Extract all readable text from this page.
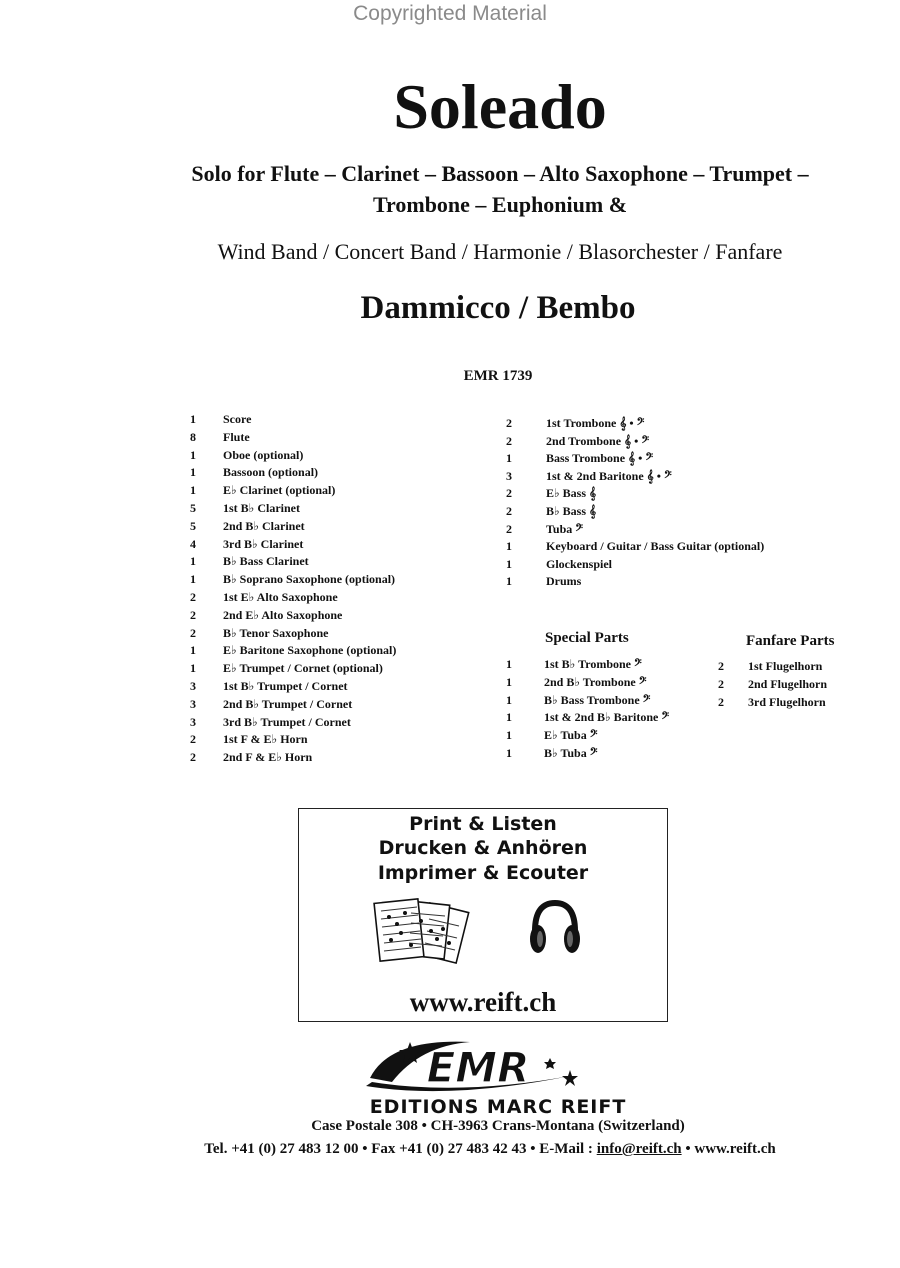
Copyrighted Material
Soleado
Solo for Flute – Clarinet – Bassoon – Alto Saxophone – Trumpet –
Trombone – Euphonium &
Wind Band / Concert Band / Harmonie / Blasorchester / Fanfare
Dammicco / Bembo
EMR 1739
1	Score
8	Flute
1	Oboe (optional)
1	Bassoon (optional)
1	E♭ Clarinet (optional)
5	1st B♭ Clarinet
5	2nd B♭ Clarinet
4	3rd B♭ Clarinet
1	B♭ Bass Clarinet
1	B♭ Soprano Saxophone (optional)
2	1st E♭ Alto Saxophone
2	2nd E♭ Alto Saxophone
2	B♭ Tenor Saxophone
1	E♭ Baritone Saxophone (optional)
1	E♭ Trumpet / Cornet (optional)
3	1st B♭ Trumpet / Cornet
3	2nd B♭ Trumpet / Cornet
3	3rd B♭ Trumpet / Cornet
2	1st F & E♭ Horn
2	2nd F & E♭ Horn
2	1st Trombone 𝄞 • 𝄢
2	2nd Trombone 𝄞 • 𝄢
1	Bass Trombone 𝄞 • 𝄢
3	1st & 2nd Baritone 𝄞 • 𝄢
2	E♭ Bass 𝄞
2	B♭ Bass 𝄞
2	Tuba 𝄢
1	Keyboard / Guitar / Bass Guitar (optional)
1	Glockenspiel
1	Drums
Special Parts	Fanfare Parts
1	1st B♭ Trombone 𝄢
1	2nd B♭ Trombone 𝄢
1	B♭ Bass Trombone 𝄢
1	1st & 2nd B♭ Baritone 𝄢
1	E♭ Tuba 𝄢
1	B♭ Tuba 𝄢
2	1st Flugelhorn
2	2nd Flugelhorn
2	3rd Flugelhorn
Print & Listen
Drucken & Anhören
Imprimer & Ecouter
www.reift.ch
EMR
EDITIONS MARC REIFT
Case Postale 308 • CH-3963 Crans-Montana (Switzerland)
Tel. +41 (0) 27 483 12 00 • Fax +41 (0) 27 483 42 43 • E-Mail : info@reift.ch • www.reift.ch
